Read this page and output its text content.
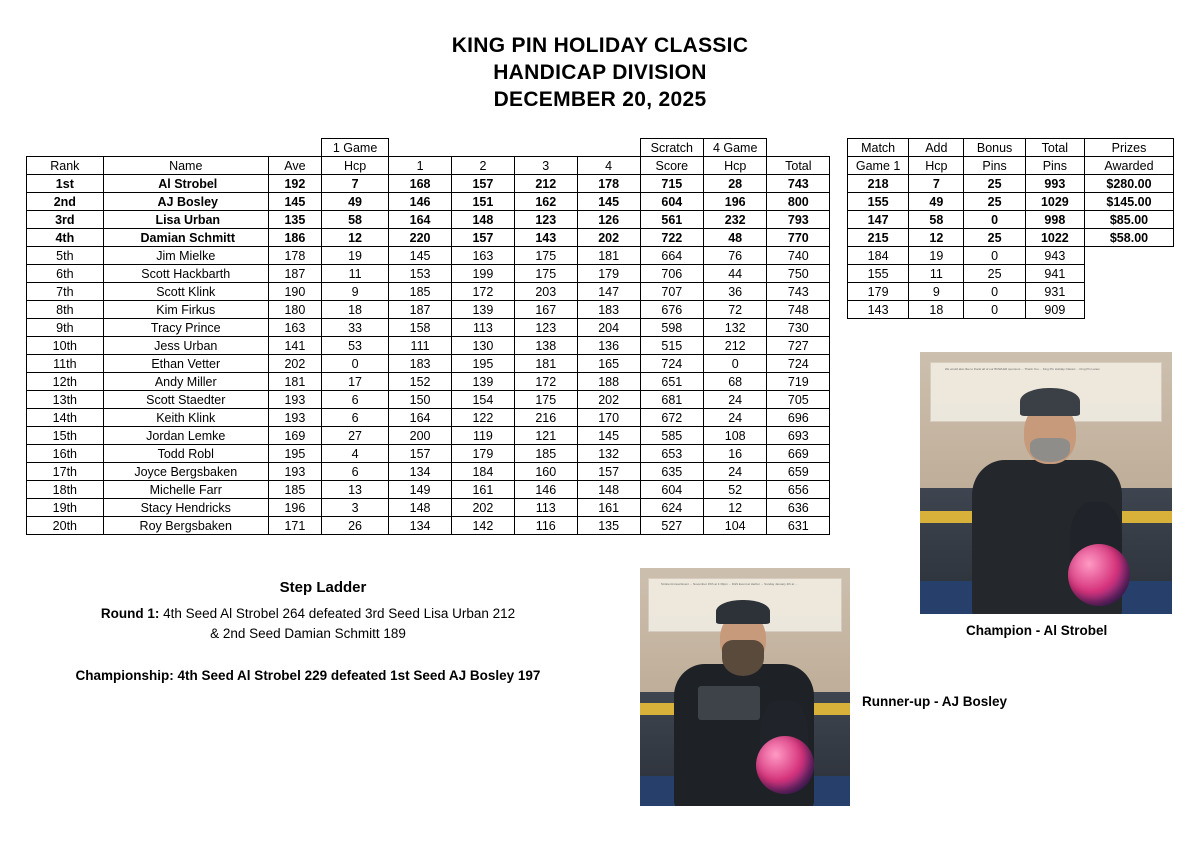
KING PIN HOLIDAY CLASSIC
HANDICAP DIVISION
DECEMBER 20, 2025
			1 Game					Scratch	4 Game			Match	Add	Bonus	Total	Prizes
Rank	Name	Ave	Hcp	1	2	3	4	Score	Hcp	Total		Game 1	Hcp	Pins	Pins	Awarded
1st	Al Strobel	192	7	168	157	212	178	715	28	743		218	7	25	993	$280.00
2nd	AJ Bosley	145	49	146	151	162	145	604	196	800		155	49	25	1029	$145.00
3rd	Lisa Urban	135	58	164	148	123	126	561	232	793		147	58	0	998	$85.00
4th	Damian Schmitt	186	12	220	157	143	202	722	48	770		215	12	25	1022	$58.00
5th	Jim Mielke	178	19	145	163	175	181	664	76	740		184	19	0	943	
6th	Scott Hackbarth	187	11	153	199	175	179	706	44	750		155	11	25	941	
7th	Scott Klink	190	9	185	172	203	147	707	36	743		179	9	0	931	
8th	Kim Firkus	180	18	187	139	167	183	676	72	748		143	18	0	909	
9th	Tracy Prince	163	33	158	113	123	204	598	132	730						
10th	Jess Urban	141	53	111	130	138	136	515	212	727						
11th	Ethan Vetter	202	0	183	195	181	165	724	0	724						
12th	Andy Miller	181	17	152	139	172	188	651	68	719						
13th	Scott Staedter	193	6	150	154	175	202	681	24	705						
14th	Keith Klink	193	6	164	122	216	170	672	24	696						
15th	Jordan Lemke	169	27	200	119	121	145	585	108	693						
16th	Todd Robl	195	4	157	179	185	132	653	16	669						
17th	Joyce Bergsbaken	193	6	134	184	160	157	635	24	659						
18th	Michelle Farr	185	13	149	161	146	148	604	52	656						
19th	Stacy Hendricks	196	3	148	202	113	161	624	12	636						
20th	Roy Bergsbaken	171	26	134	142	116	135	527	104	631						
Step Ladder
Round 1: 4th Seed Al Strobel 264 defeated 3rd Seed Lisa Urban 212
& 2nd Seed Damian Schmitt 189
Championship: 4th Seed Al Strobel 229 defeated 1st Seed AJ Bosley 197
We would also like to thank all of our BOWLER sponsors ... Thank You ... King Pin Holiday Classic ... King Pin Lanes
Champion - Al Strobel
Strobel Annual Event ... November 15th at 1:30pm ... D&S Event at Harbor ... Sunday January 4th at ...
Runner-up - AJ Bosley
